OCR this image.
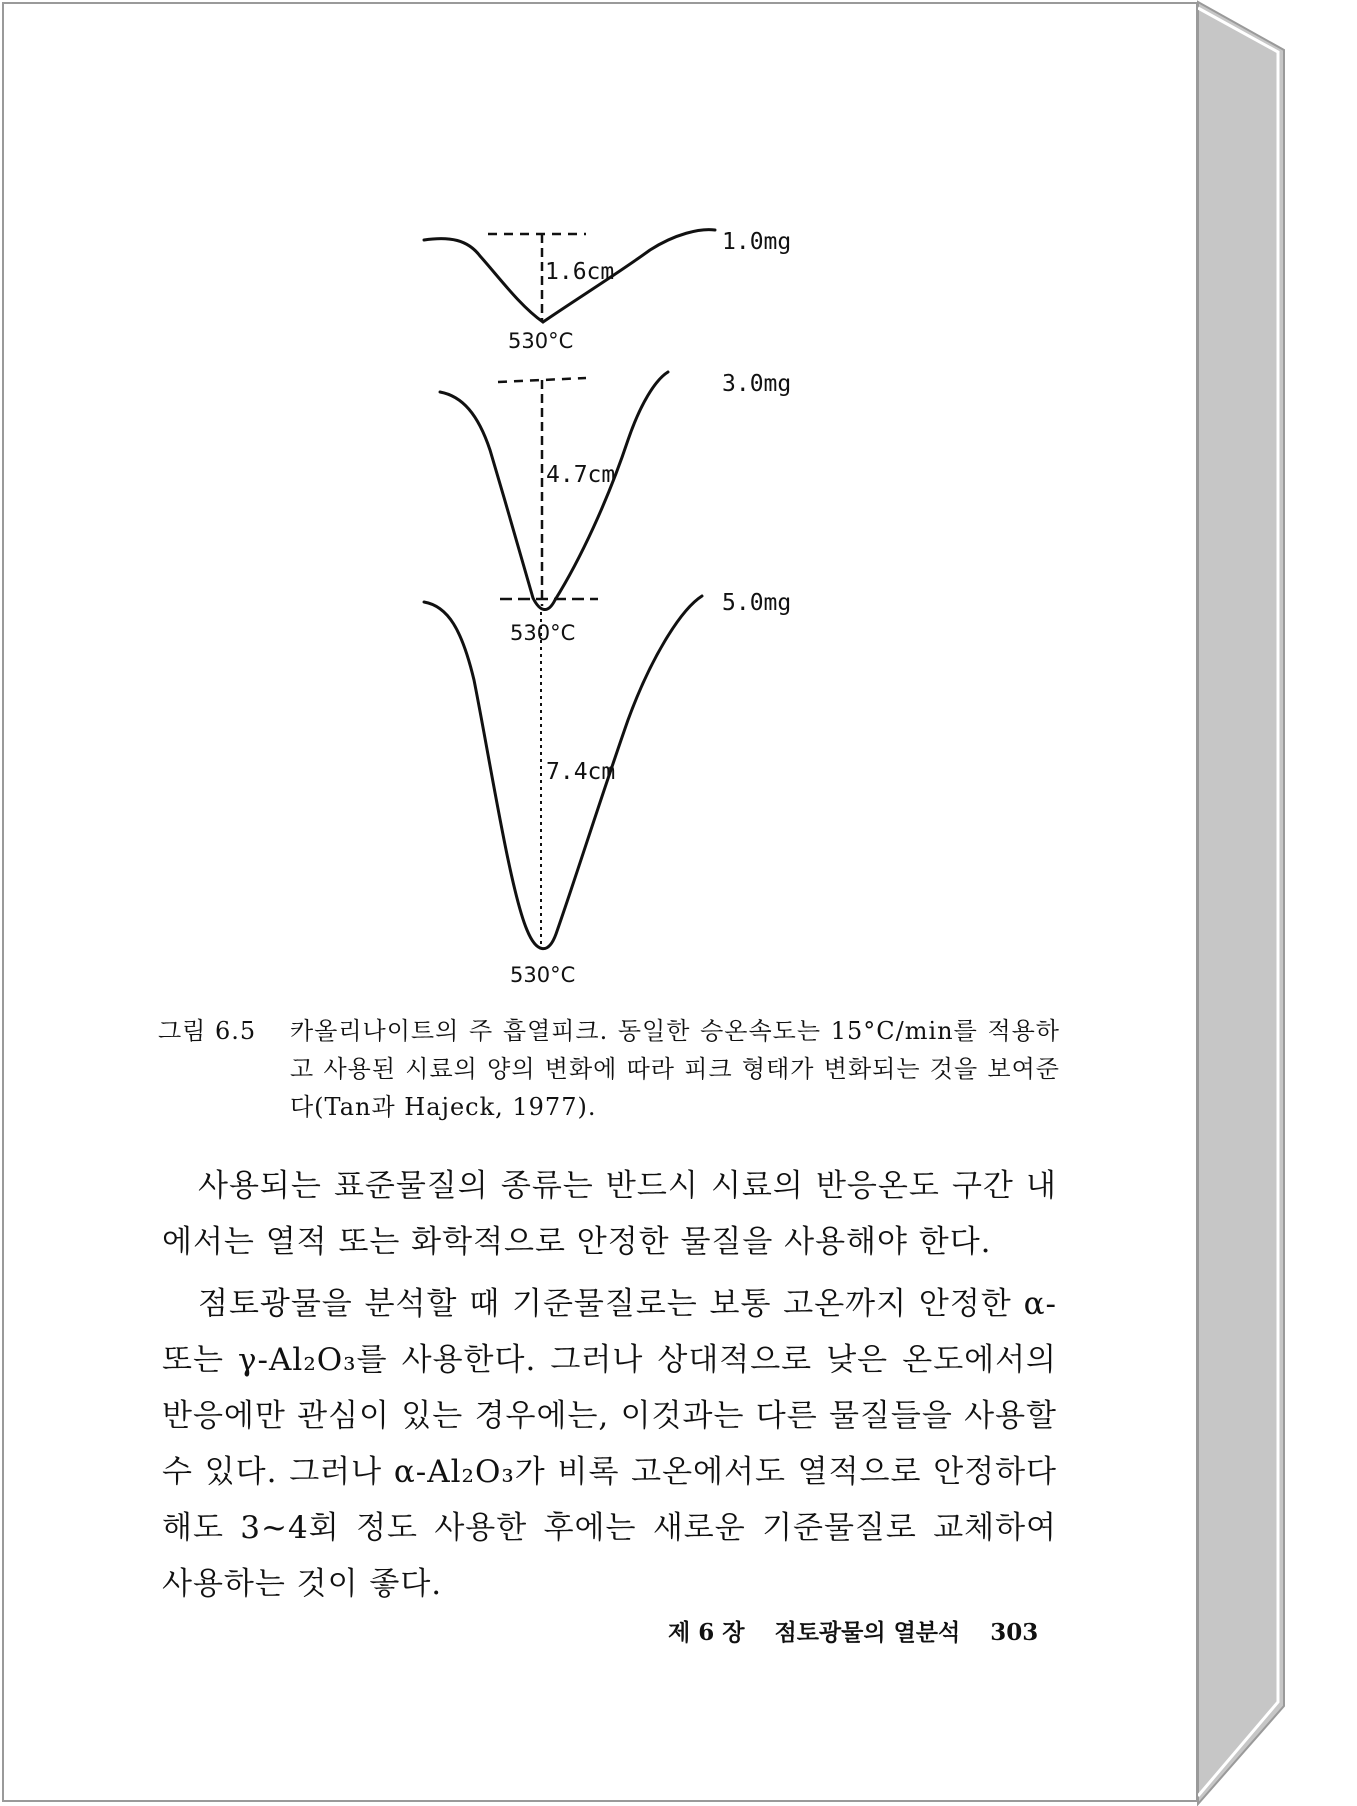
1.0mg
1.6cm
530°C
3.0mg
4.7cm
530°C
5.0mg
7.4cm
530°C
그림 6.5 카올리나이트의 주 흡열피크. 동일한 승온속도는 15°C/min를 적용하고 사용된 시료의 양의 변화에 따라 피크 형태가 변화되는 것을 보여준다(Tan과 Hajeck, 1977).

사용되는 표준물질의 종류는 반드시 시료의 반응온도 구간 내에서는 열적 또는 화학적으로 안정한 물질을 사용해야 한다.

점토광물을 분석할 때 기준물질로는 보통 고온까지 안정한 α-또는 γ-Al₂O₃를 사용한다. 그러나 상대적으로 낮은 온도에서의 반응에만 관심이 있는 경우에는, 이것과는 다른 물질들을 사용할 수 있다. 그러나 α-Al₂O₃가 비록 고온에서도 열적으로 안정하다 해도 3~4회 정도 사용한 후에는 새로운 기준물질로 교체하여 사용하는 것이 좋다.

제 6 장 점토광물의 열분석 303
